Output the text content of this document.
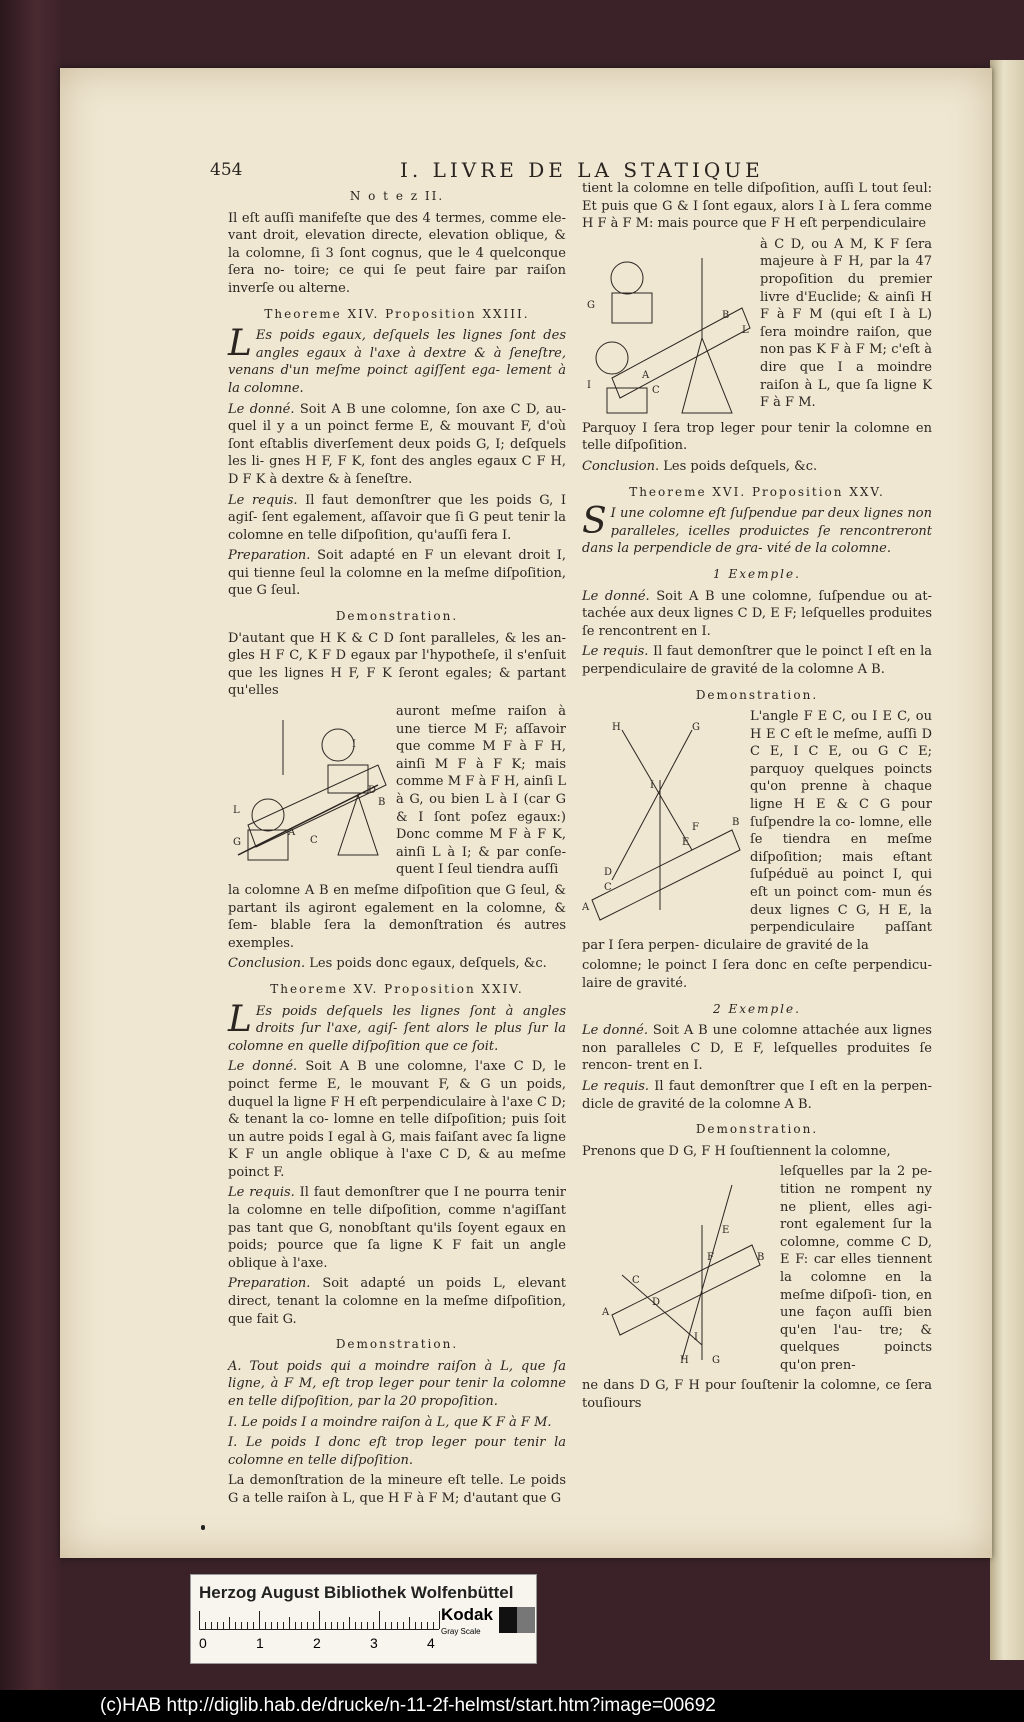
454	I. LIVRE DE LA STATIQUE
N o t e z II.

Il eſt auſſi manifeſte que des 4 termes, comme ele- vant droit, elevation directe, elevation oblique, & la colomne, ſi 3 ſont cognus, que le 4 quelconque ſera no- toire; ce qui ſe peut faire par raiſon inverſe ou alterne.

Theoreme XIV. Proposition XXIII.

L Es poids egaux, deſquels les lignes ſont des angles egaux à l'axe à dextre & à ſeneſtre, venans d'un meſme poinct agiſſent ega- lement à la colomne.

Le donné. Soit A B une colomne, ſon axe C D, au- quel il y a un poinct ferme E, & mouvant F, d'où ſont eſtablis diverſement deux poids G, I; deſquels les li- gnes H F, F K, font des angles egaux C F H, D F K à dextre & à ſeneſtre.

Le requis. Il faut demonſtrer que les poids G, I agiſ- ſent egalement, aſſavoir que ſi G peut tenir la colomne en telle diſpoſition, qu'auſſi fera I.

Preparation. Soit adapté en F un elevant droit I, qui tienne ſeul la colomne en la meſme diſpoſition, que G ſeul.

Demonstration.

D'autant que H K & C D ſont paralleles, & les an- gles H F C, K F D egaux par l'hypotheſe, il s'enſuit que les lignes H F, F K ſeront egales; & partant qu'elles

I
D
B
L
G
A
C

auront meſme raiſon à une tierce M F; aſſavoir que comme M F à F H, ainſi M F à F K; mais comme M F à F H, ainſi L à G, ou bien L à I (car G & I ſont poſez egaux:) Donc comme M F à F K, ainſi L à I; & par conſe- quent I ſeul tiendra auſſi

la colomne A B en meſme diſpoſition que G ſeul, & partant ils agiront egalement en la colomne, & ſem- blable ſera la demonſtration és autres exemples.

Conclusion. Les poids donc egaux, deſquels, &c.

Theoreme XV. Proposition XXIV.

L Es poids deſquels les lignes ſont à angles droits ſur l'axe, agiſ- ſent alors le plus ſur la colomne en quelle diſpoſition que ce ſoit.

Le donné. Soit A B une colomne, l'axe C D, le poinct ferme E, le mouvant F, & G un poids, duquel la ligne F H eſt perpendiculaire à l'axe C D; & tenant la co- lomne en telle diſpoſition; puis ſoit un autre poids I egal à G, mais faiſant avec ſa ligne K F un angle oblique à l'axe C D, & au meſme poinct F.

Le requis. Il faut demonſtrer que I ne pourra tenir la colomne en telle diſpoſition, comme n'agiſſant pas tant que G, nonobſtant qu'ils ſoyent egaux en poids; pource que ſa ligne K F fait un angle oblique à l'axe.

Preparation. Soit adapté un poids L, elevant direct, tenant la colomne en la meſme diſpoſition, que fait G.

Demonstration.

A. Tout poids qui a moindre raiſon à L, que ſa ligne, à F M, eſt trop leger pour tenir la colomne en telle diſpoſition, par la 20 propoſition.

I. Le poids I a moindre raiſon à L, que K F à F M.

I. Le poids I donc eſt trop leger pour tenir la colomne en telle diſpoſition.

La demonſtration de la mineure eſt telle. Le poids G a telle raiſon à L, que H F à F M; d'autant que G

tient la colomne en telle diſpoſition, auſſi L tout ſeul: Et puis que G & I ſont egaux, alors I à L ſera comme H F à F M: mais pource que F H eſt perpendiculaire

G
I
A
C
L
B

à C D, ou A M, K F ſera majeure à F H, par la 47 propoſition du premier livre d'Euclide; & ainſi H F à F M (qui eſt I à L) ſera moindre raiſon, que non pas K F à F M; c'eſt à dire que I a moindre raiſon à L, que ſa ligne K F à F M.

Parquoy I ſera trop leger pour tenir la colomne en telle diſpoſition.

Conclusion. Les poids deſquels, &c.

Theoreme XVI. Proposition XXV.

S I une colomne eſt ſuſpendue par deux lignes non paralleles, icelles produictes ſe rencontreront dans la perpendicle de gra- vité de la colomne.

1 Exemple.

Le donné. Soit A B une colomne, ſuſpendue ou at- tachée aux deux lignes C D, E F; leſquelles produites ſe rencontrent en I.

Le requis. Il faut demonſtrer que le poinct I eſt en la perpendiculaire de gravité de la colomne A B.

Demonstration.
H	G
I
F
E
D
C
A
B

L'angle F E C, ou I E C, ou H E C eſt le meſme, auſſi D C E, I C E, ou G C E; parquoy quelques poincts qu'on prenne à chaque ligne H E & C G pour ſuſpendre la co- lomne, elle ſe tiendra en meſme diſpoſition; mais eſtant ſuſpéduë au poinct I, qui eſt un poinct com- mun és deux lignes C G, H E, la perpendiculaire paſſant par I ſera perpen- diculaire de gravité de la

colomne; le poinct I ſera donc en ceſte perpendicu- laire de gravité.

2 Exemple.

Le donné. Soit A B une colomne attachée aux lignes non paralleles C D, E F, leſquelles produites ſe rencon- trent en I.

Le requis. Il faut demonſtrer que I eſt en la perpen- dicle de gravité de la colomne A B.

Demonstration.

Prenons que D G, F H ſouſtiennent la colomne,

E
F	B
C
D
A
I
H G

leſquelles par la 2 pe- tition ne rompent ny ne plient, elles agi- ront egalement ſur la colomne, comme C D, E F: car elles tiennent la colomne en la meſme diſpoſi- tion, en une façon auſſi bien qu'en l'au- tre; & quelques poincts qu'on pren-

ne dans D G, F H pour ſouſtenir la colomne, ce ſera touſiours

Herzog August Bibliothek Wolfenbüttel
0	1	2	3	4
Kodak
Gray Scale
(c)HAB http://diglib.hab.de/drucke/n-11-2f-helmst/start.htm?image=00692
